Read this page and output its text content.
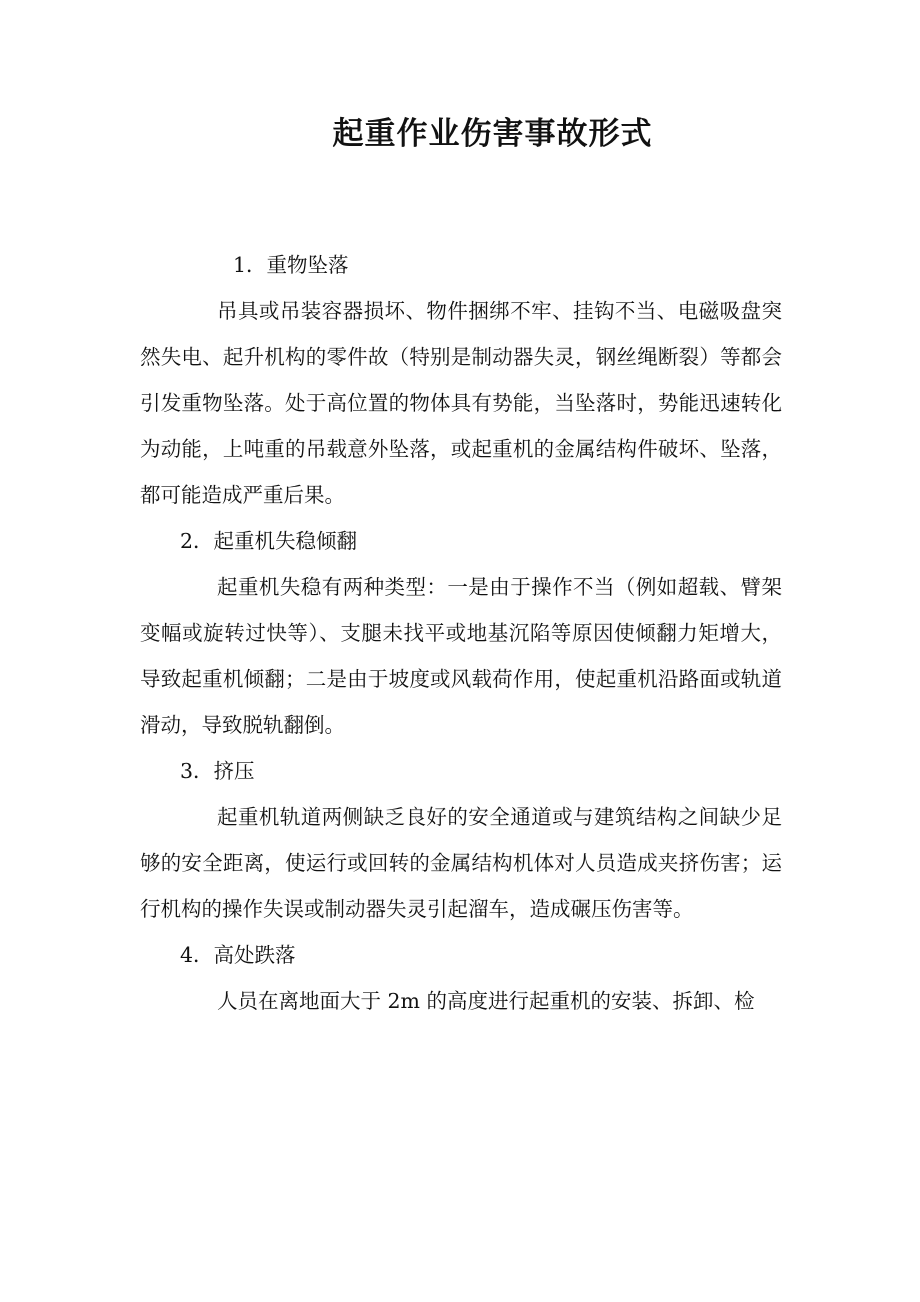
起重作业伤害事故形式

1．重物坠落

吊具或吊装容器损坏、物件捆绑不牢、挂钩不当、电磁吸盘突然失电、起升机构的零件故（特别是制动器失灵，钢丝绳断裂）等都会引发重物坠落。处于高位置的物体具有势能，当坠落时，势能迅速转化为动能，上吨重的吊载意外坠落，或起重机的金属结构件破坏、坠落，都可能造成严重后果。

2．起重机失稳倾翻

起重机失稳有两种类型：一是由于操作不当（例如超载、臂架变幅或旋转过快等）、支腿未找平或地基沉陷等原因使倾翻力矩增大，导致起重机倾翻；二是由于坡度或风载荷作用，使起重机沿路面或轨道滑动，导致脱轨翻倒。

3．挤压

起重机轨道两侧缺乏良好的安全通道或与建筑结构之间缺少足够的安全距离，使运行或回转的金属结构机体对人员造成夹挤伤害；运行机构的操作失误或制动器失灵引起溜车，造成碾压伤害等。

4．高处跌落

人员在离地面大于 2m 的高度进行起重机的安装、拆卸、检
